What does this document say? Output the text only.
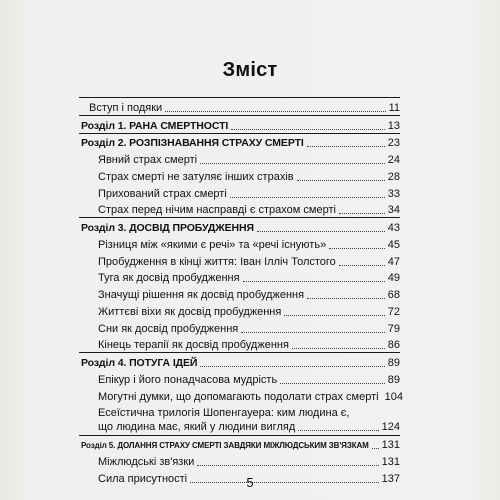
Зміст
Вступ і подяки	11
Розділ 1. РАНА СМЕРТНОСТІ	13
Розділ 2. РОЗПІЗНАВАННЯ СТРАХУ СМЕРТІ	23
Явний страх смерті	24
Страх смерті не затуляє інших страхів	28
Прихований страх смерті	33
Страх перед нічим насправді є страхом смерті	34
Розділ 3. ДОСВІД ПРОБУДЖЕННЯ	43
Різниця між «якими є речі» та «речі існують»	45
Пробудження в кінці життя: Іван Ілліч Толстого	47
Туга як досвід пробудження	49
Значущі рішення як досвід пробудження	68
Життєві віхи як досвід пробудження	72
Сни як досвід пробудження	79
Кінець терапії як досвід пробудження	86
Розділ 4. ПОТУГА ІДЕЙ	89
Епікур і його понадчасова мудрість	89
Могутні думки, що допомагають подолати страх смерті 104
Есеїстична трилогія Шопенгауера: ким людина є,
що людина має, який у людини вигляд	124
Розділ 5. ДОЛАННЯ СТРАХУ СМЕРТІ ЗАВДЯКИ МІЖЛЮДСЬКИМ ЗВ'ЯЗКАМ 131
Міжлюдські зв'язки	131
Сила присутності	137
5
